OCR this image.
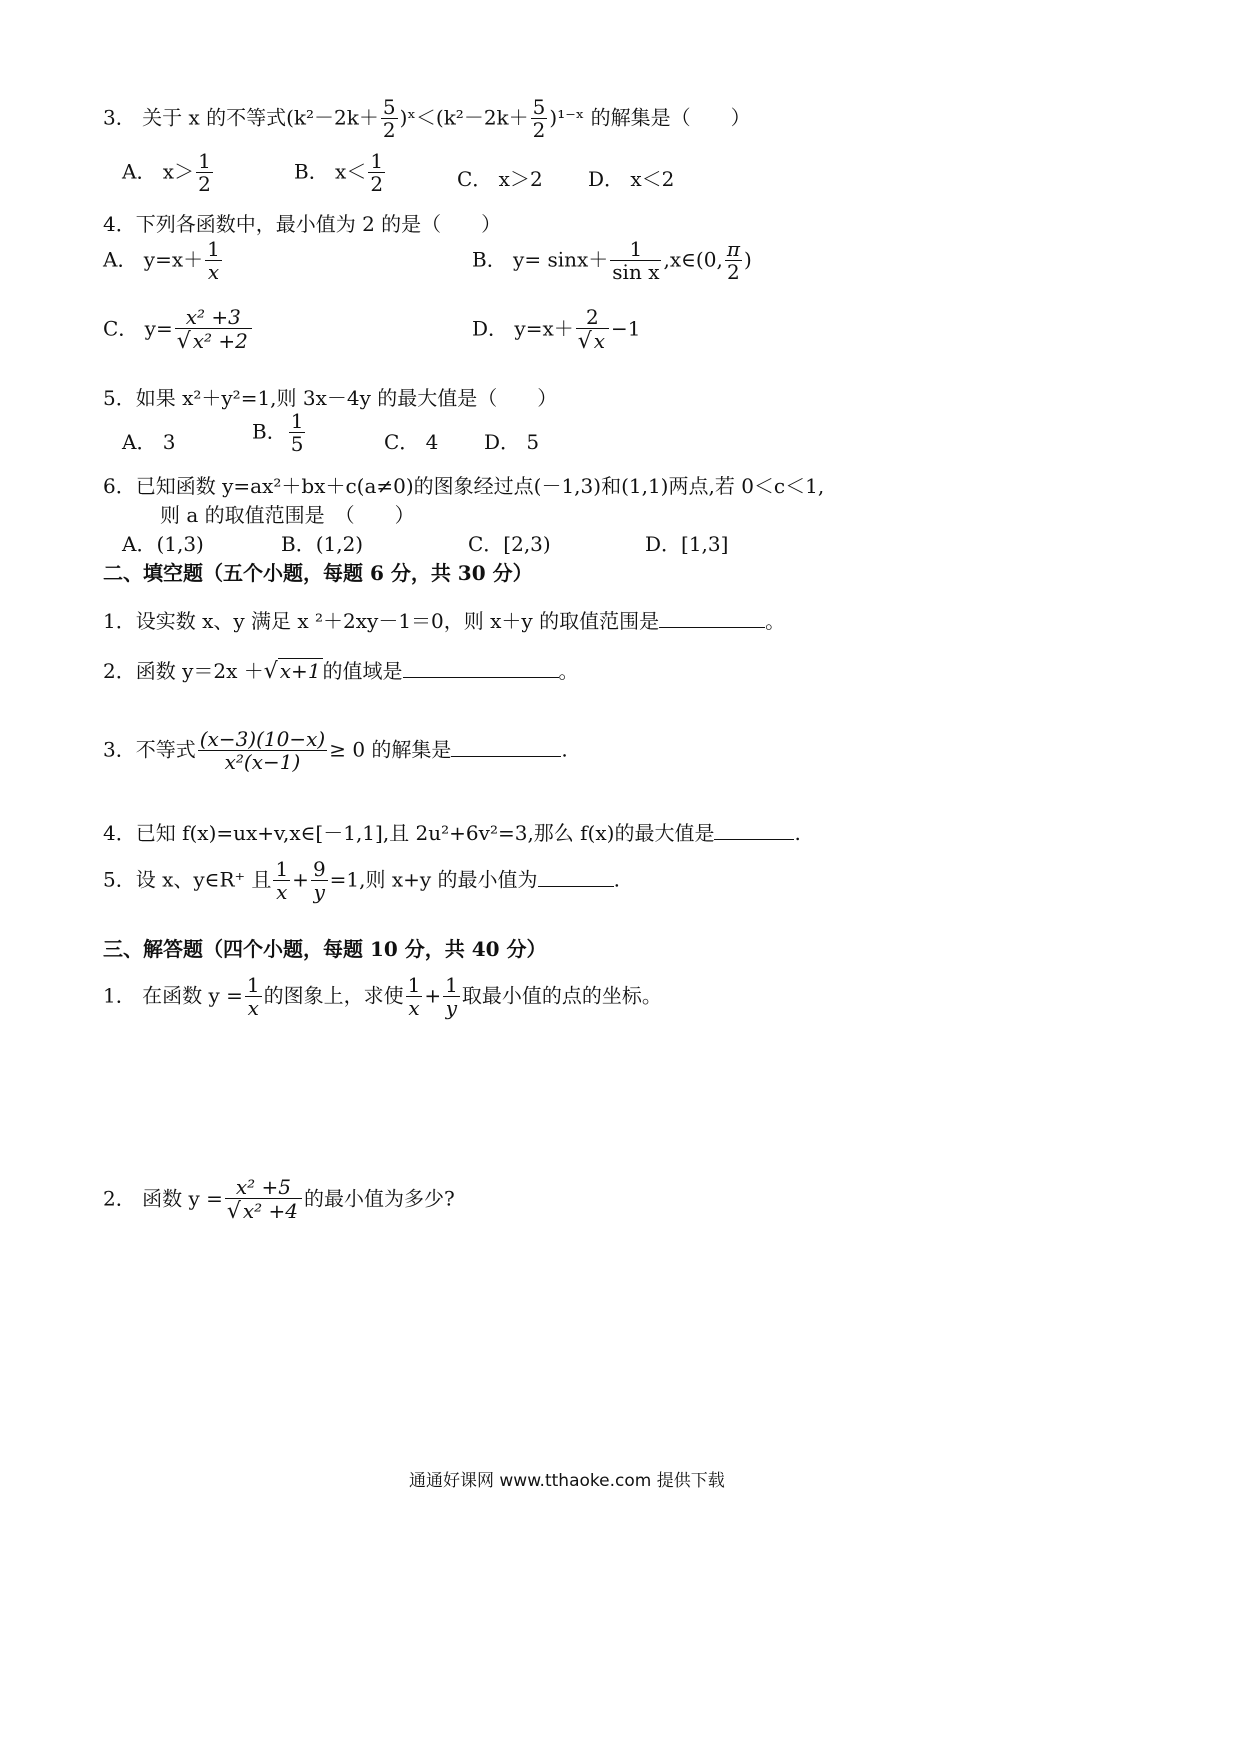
3． 关于 x 的不等式($k^2-2k+ \frac{5}{2}$ )ˣ＜(k²－2k＋ $\frac{5}{2}$ )¹⁻ˣ 的解集是（　　）
A． $x> \frac{1}{2}$	B． $x< \frac{1}{2}$	C． x＞2 D． x＜2
4．下列各函数中，最小值为 2 的是（　　）
A． $y=x+ \frac{1}{x}$	B． $y= \sin x+ \frac{1}{\text{sin x}}$ ,x∈(0, $\frac{\pi}{2}$ )
C． $y= \frac{\text{x² +3}}{\text{√ x² +2}}$	D． $y=x+ \frac{2}{√ x} -1$
5．如果 x²＋y²=1,则 3x－4y 的最大值是（　　）
A． 3	B． $\frac{1}{5}$	C． 4 D． 5
6．已知函数 y=ax²＋bx＋c(a≠0)的图象经过点(－1,3)和(1,1)两点,若 0＜c＜1,
则 a 的取值范围是　（　　）
A．(1,3)	B．(1,2)	C．[2,3)	D．[1,3]
二、填空题（五个小题，每题 6 分，共 30 分）
1．设实数 x、y 满足 x ²＋2xy－1＝0，则 x＋y 的取值范围是	。
2．函数 y＝2x ＋√ x+1 的值域是	。
3．不等式 $\frac{(x-3)(10-x)}{\text{x²(x−1)}} \ge 0$ 的解集是	.
4．已知 f(x)=ux+v,x∈[－1,1],且 2u²+6v²=3,那么 f(x)的最大值是	.
5．设 x、y∈R⁺ 且 $\frac{1}{x} + \frac{9}{y} =1$,则 x+y 的最小值为	.
三、解答题（四个小题，每题 10 分，共 40 分）
1． 在函数 $y = \frac{1}{x}$ 的图象上，求使 $\frac{1}{x} + \frac{1}{y}$ 取最小值的点的坐标。
2． 函数 $y = \frac{\text{x² +5}}{\text{√ x² +4}}$ 的最小值为多少?
通通好课网 www.tthaoke.com 提供下载
